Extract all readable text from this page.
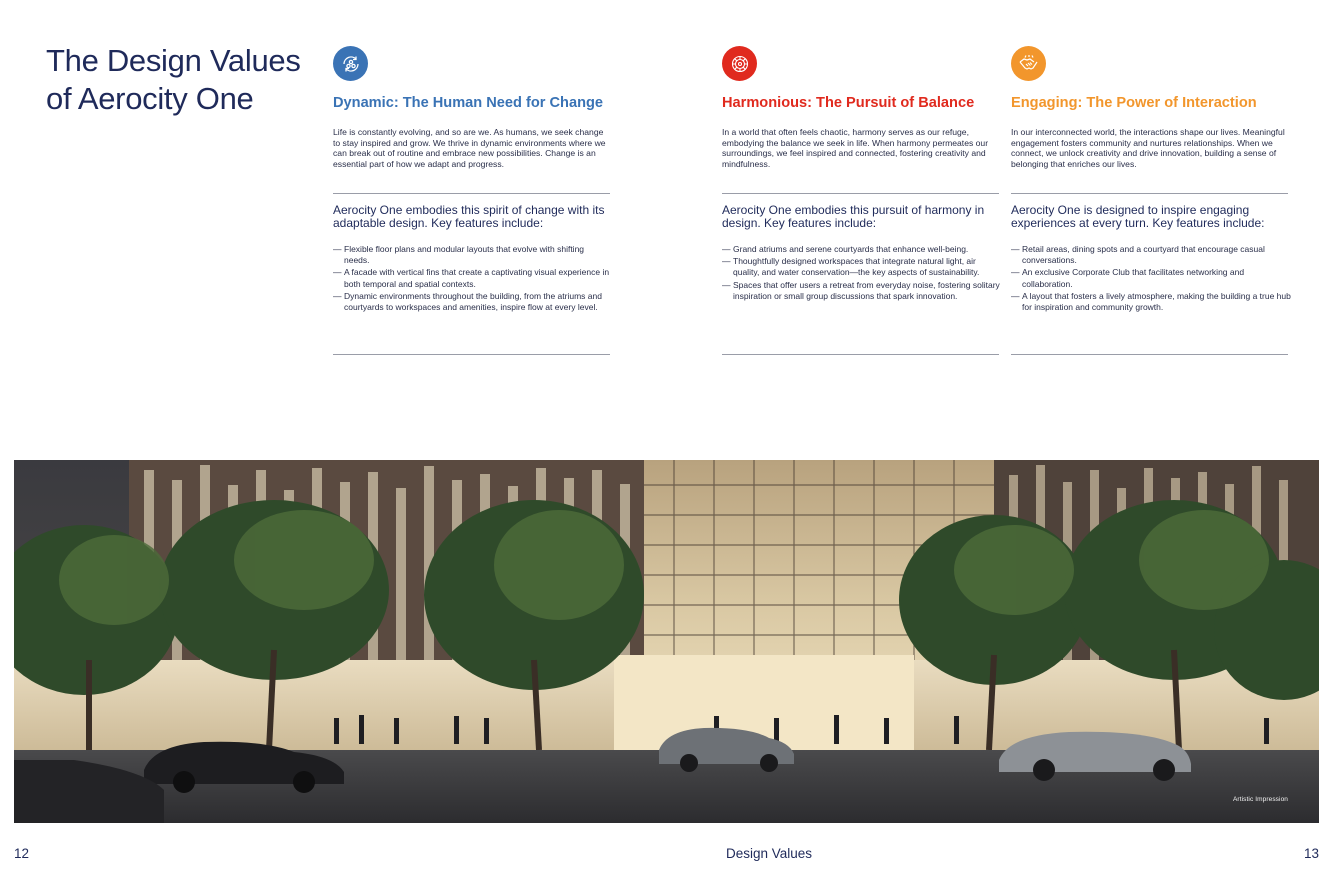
The Design Values of Aerocity One	Dynamic: The Human Need for Change

Life is constantly evolving, and so are we. As humans, we seek change to stay inspired and grow. We thrive in dynamic environments where we can break out of routine and embrace new possibilities. Change is an essential part of how we adapt and progress.

Aerocity One embodies this spirit of change with its adaptable design. Key features include:

— Flexible floor plans and modular layouts that evolve with shifting needs.
— A facade with vertical fins that create a captivating visual experience in both temporal and spatial contexts.
— Dynamic environments throughout the building, from the atriums and courtyards to workspaces and amenities, inspire flow at every level.
Harmonious: The Pursuit of Balance

In a world that often feels chaotic, harmony serves as our refuge, embodying the balance we seek in life. When harmony permeates our surroundings, we feel inspired and connected, fostering creativity and mindfulness.

Aerocity One embodies this pursuit of harmony in design. Key features include:

— Grand atriums and serene courtyards that enhance well-being.
— Thoughtfully designed workspaces that integrate natural light, air quality, and water conservation—the key aspects of sustainability.
— Spaces that offer users a retreat from everyday noise, fostering solitary inspiration or small group discussions that spark innovation.
Engaging: The Power of Interaction

In our interconnected world, the interactions shape our lives. Meaningful engagement fosters community and nurtures relationships. When we connect, we unlock creativity and drive innovation, building a sense of belonging that enriches our lives.

Aerocity One is designed to inspire engaging experiences at every turn. Key features include:

— Retail areas, dining spots and a courtyard that encourage casual conversations.
— An exclusive Corporate Club that facilitates networking and collaboration.
— A layout that fosters a lively atmosphere, making the building a true hub for inspiration and community growth.
Artistic Impression
12	Design Values	13
